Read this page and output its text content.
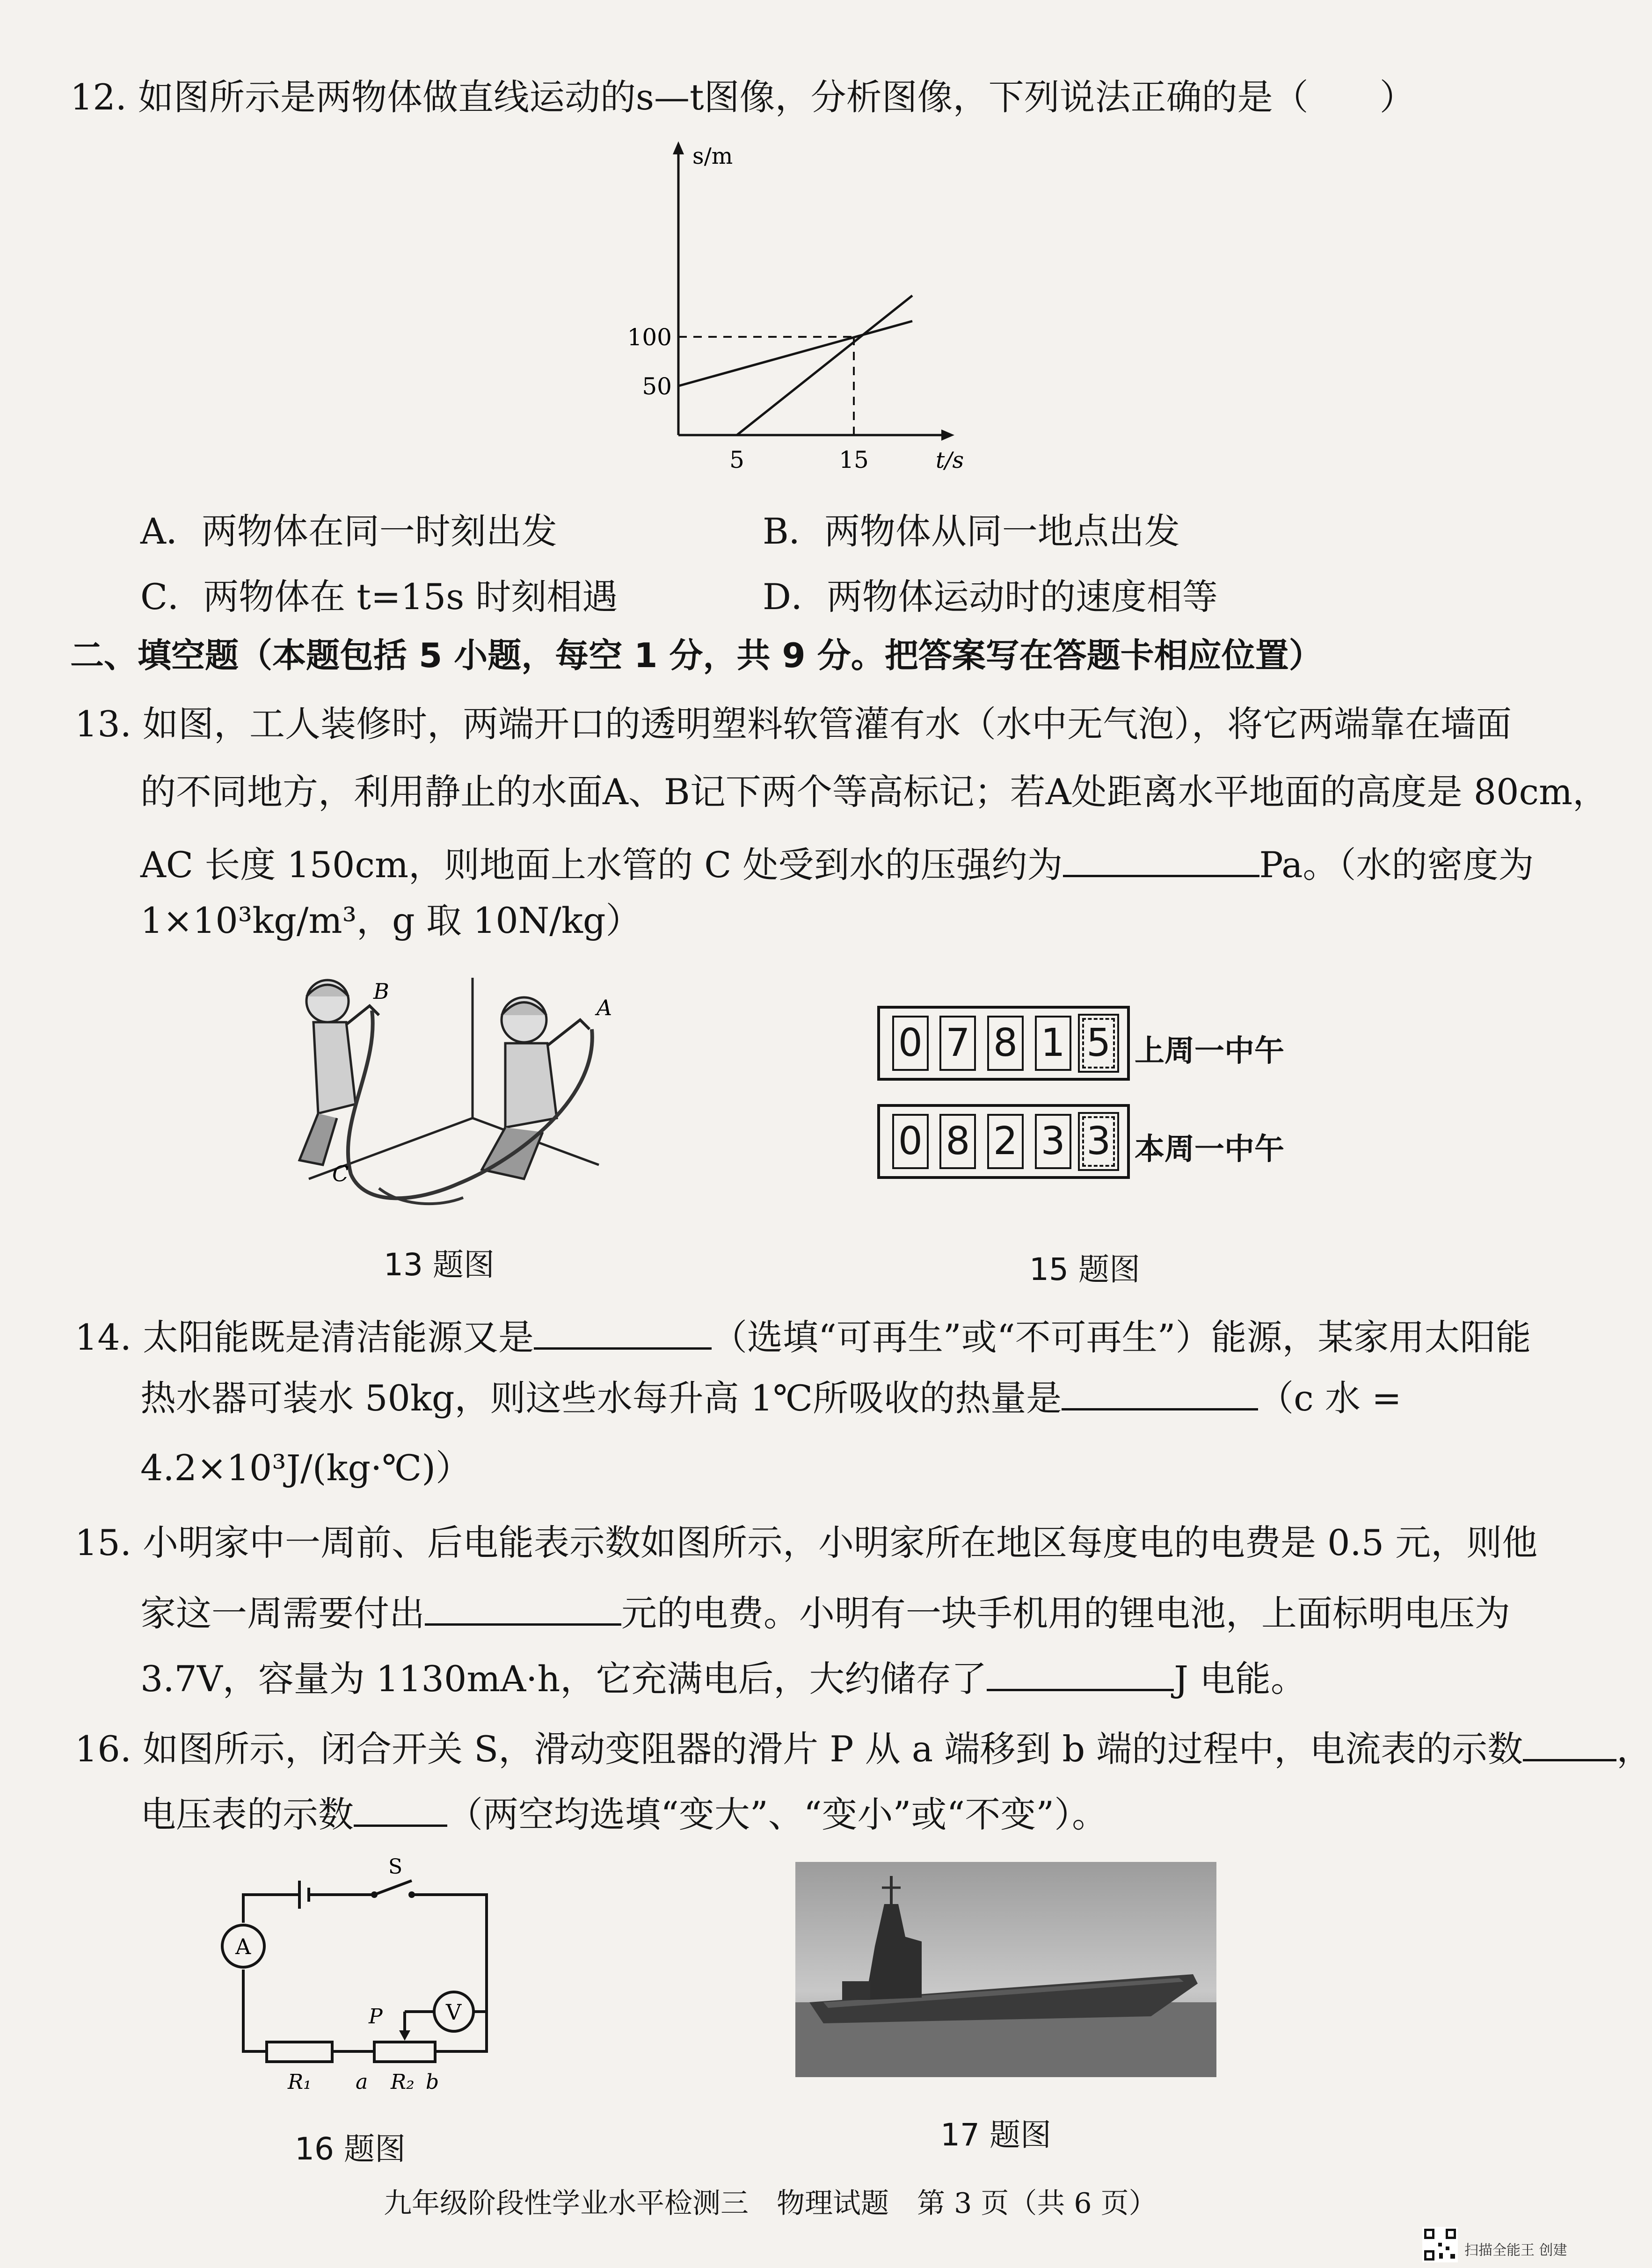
12. 如图所示是两物体做直线运动的s—t图像，分析图像，下列说法正确的是（　　）
s/m
t/s
50
100
5	15
A．两物体在同一时刻出发	B．两物体从同一地点出发
C．两物体在 t=15s 时刻相遇	D．两物体运动时的速度相等
二、填空题（本题包括 5 小题，每空 1 分，共 9 分。把答案写在答题卡相应位置）
13. 如图，工人装修时，两端开口的透明塑料软管灌有水（水中无气泡），将它两端靠在墙面
的不同地方，利用静止的水面A、B记下两个等高标记；若A处距离水平地面的高度是 80cm，
AC 长度 150cm，则地面上水管的 C 处受到水的压强约为	Pa。（水的密度为
1×10³kg/m³，g 取 10N/kg）
B
A
C
13 题图
0 7 8 1 5 上周一中午
0 8 2 3 3 本周一中午
15 题图
14. 太阳能既是清洁能源又是	（选填“可再生”或“不可再生”）能源，某家用太阳能
热水器可装水 50kg，则这些水每升高 1℃所吸收的热量是	（c 水 =
4.2×10³J/(kg·℃)）
15. 小明家中一周前、后电能表示数如图所示，小明家所在地区每度电的电费是 0.5 元，则他
家这一周需要付出	元的电费。小明有一块手机用的锂电池，上面标明电压为
3.7V，容量为 1130mA·h，它充满电后，大约储存了	J 电能。
16. 如图所示，闭合开关 S，滑动变阻器的滑片 P 从 a 端移到 b 端的过程中，电流表的示数	，
电压表的示数	（两空均选填“变大”、“变小”或“不变”）。
S
A
V
P
R₁ a R₂ b
16 题图	17 题图
九年级阶段性学业水平检测三　物理试题　第 3 页（共 6 页）
扫描全能王 创建
